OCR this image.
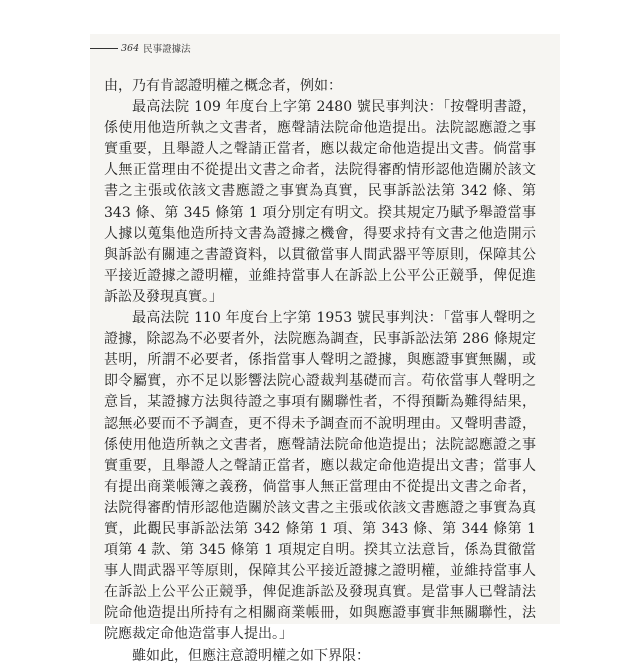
364 民事證據法

由，乃有肯認證明權之概念者，例如：

最高法院 109 年度台上字第 2480 號民事判決：「按聲明書證，係使用他造所執之文書者，應聲請法院命他造提出。法院認應證之事實重要，且舉證人之聲請正當者，應以裁定命他造提出文書。倘當事人無正當理由不從提出文書之命者，法院得審酌情形認他造關於該文書之主張或依該文書應證之事實為真實，民事訴訟法第 342 條、第 343 條、第 345 條第 1 項分別定有明文。揆其規定乃賦予舉證當事人據以蒐集他造所持文書為證據之機會，得要求持有文書之他造開示與訴訟有關連之書證資料，以貫徹當事人間武器平等原則，保障其公平接近證據之證明權，並維持當事人在訴訟上公平公正競爭，俾促進訴訟及發現真實。」

最高法院 110 年度台上字第 1953 號民事判決：「當事人聲明之證據，除認為不必要者外，法院應為調查，民事訴訟法第 286 條規定甚明，所謂不必要者，係指當事人聲明之證據，與應證事實無關，或即令屬實，亦不足以影響法院心證裁判基礎而言。苟依當事人聲明之意旨，某證據方法與待證之事項有關聯性者，不得預斷為難得結果，認無必要而不予調查，更不得未予調查而不說明理由。又聲明書證，係使用他造所執之文書者，應聲請法院命他造提出；法院認應證之事實重要，且舉證人之聲請正當者，應以裁定命他造提出文書；當事人有提出商業帳簿之義務，倘當事人無正當理由不從提出文書之命者，法院得審酌情形認他造關於該文書之主張或依該文書應證之事實為真實，此觀民事訴訟法第 342 條第 1 項、第 343 條、第 344 條第 1 項第 4 款、第 345 條第 1 項規定自明。揆其立法意旨，係為貫徹當事人間武器平等原則，保障其公平接近證據之證明權，並維持當事人在訴訟上公平公正競爭，俾促進訴訟及發現真實。是當事人已聲請法院命他造提出所持有之相關商業帳冊，如與應證事實非無關聯性，法院應裁定命他造當事人提出。」

雖如此，但應注意證明權之如下界限：
